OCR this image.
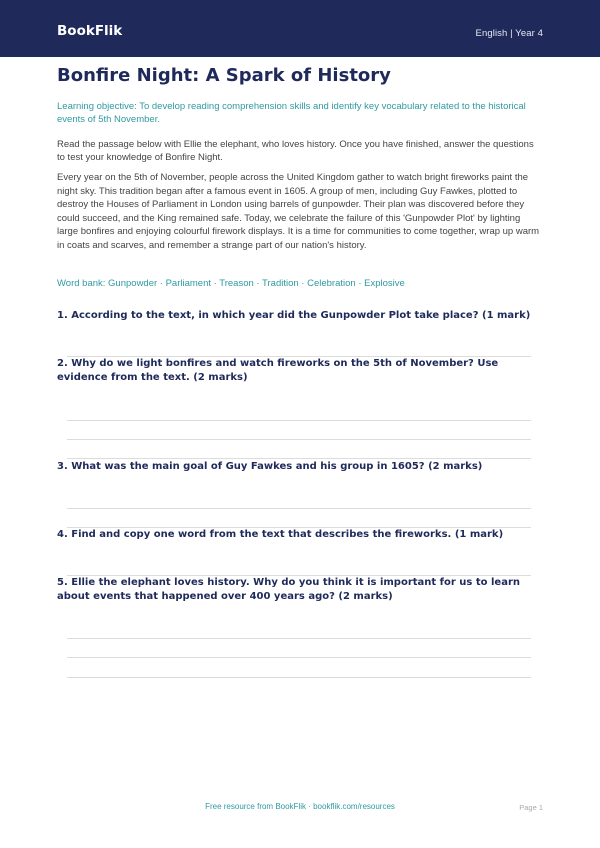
BookFlik	English | Year 4
Bonfire Night: A Spark of History
Learning objective: To develop reading comprehension skills and identify key vocabulary related to the historical events of 5th November.
Read the passage below with Ellie the elephant, who loves history. Once you have finished, answer the questions to test your knowledge of Bonfire Night.
Every year on the 5th of November, people across the United Kingdom gather to watch bright fireworks paint the night sky. This tradition began after a famous event in 1605. A group of men, including Guy Fawkes, plotted to destroy the Houses of Parliament in London using barrels of gunpowder. Their plan was discovered before they could succeed, and the King remained safe. Today, we celebrate the failure of this 'Gunpowder Plot' by lighting large bonfires and enjoying colourful firework displays. It is a time for communities to come together, wrap up warm in coats and scarves, and remember a strange part of our nation's history.
Word bank: Gunpowder · Parliament · Treason · Tradition · Celebration · Explosive
1. According to the text, in which year did the Gunpowder Plot take place? (1 mark)
2. Why do we light bonfires and watch fireworks on the 5th of November? Use evidence from the text. (2 marks)
3. What was the main goal of Guy Fawkes and his group in 1605? (2 marks)
4. Find and copy one word from the text that describes the fireworks. (1 mark)
5. Ellie the elephant loves history. Why do you think it is important for us to learn about events that happened over 400 years ago? (2 marks)
Free resource from BookFlik · bookflik.com/resources	Page 1
